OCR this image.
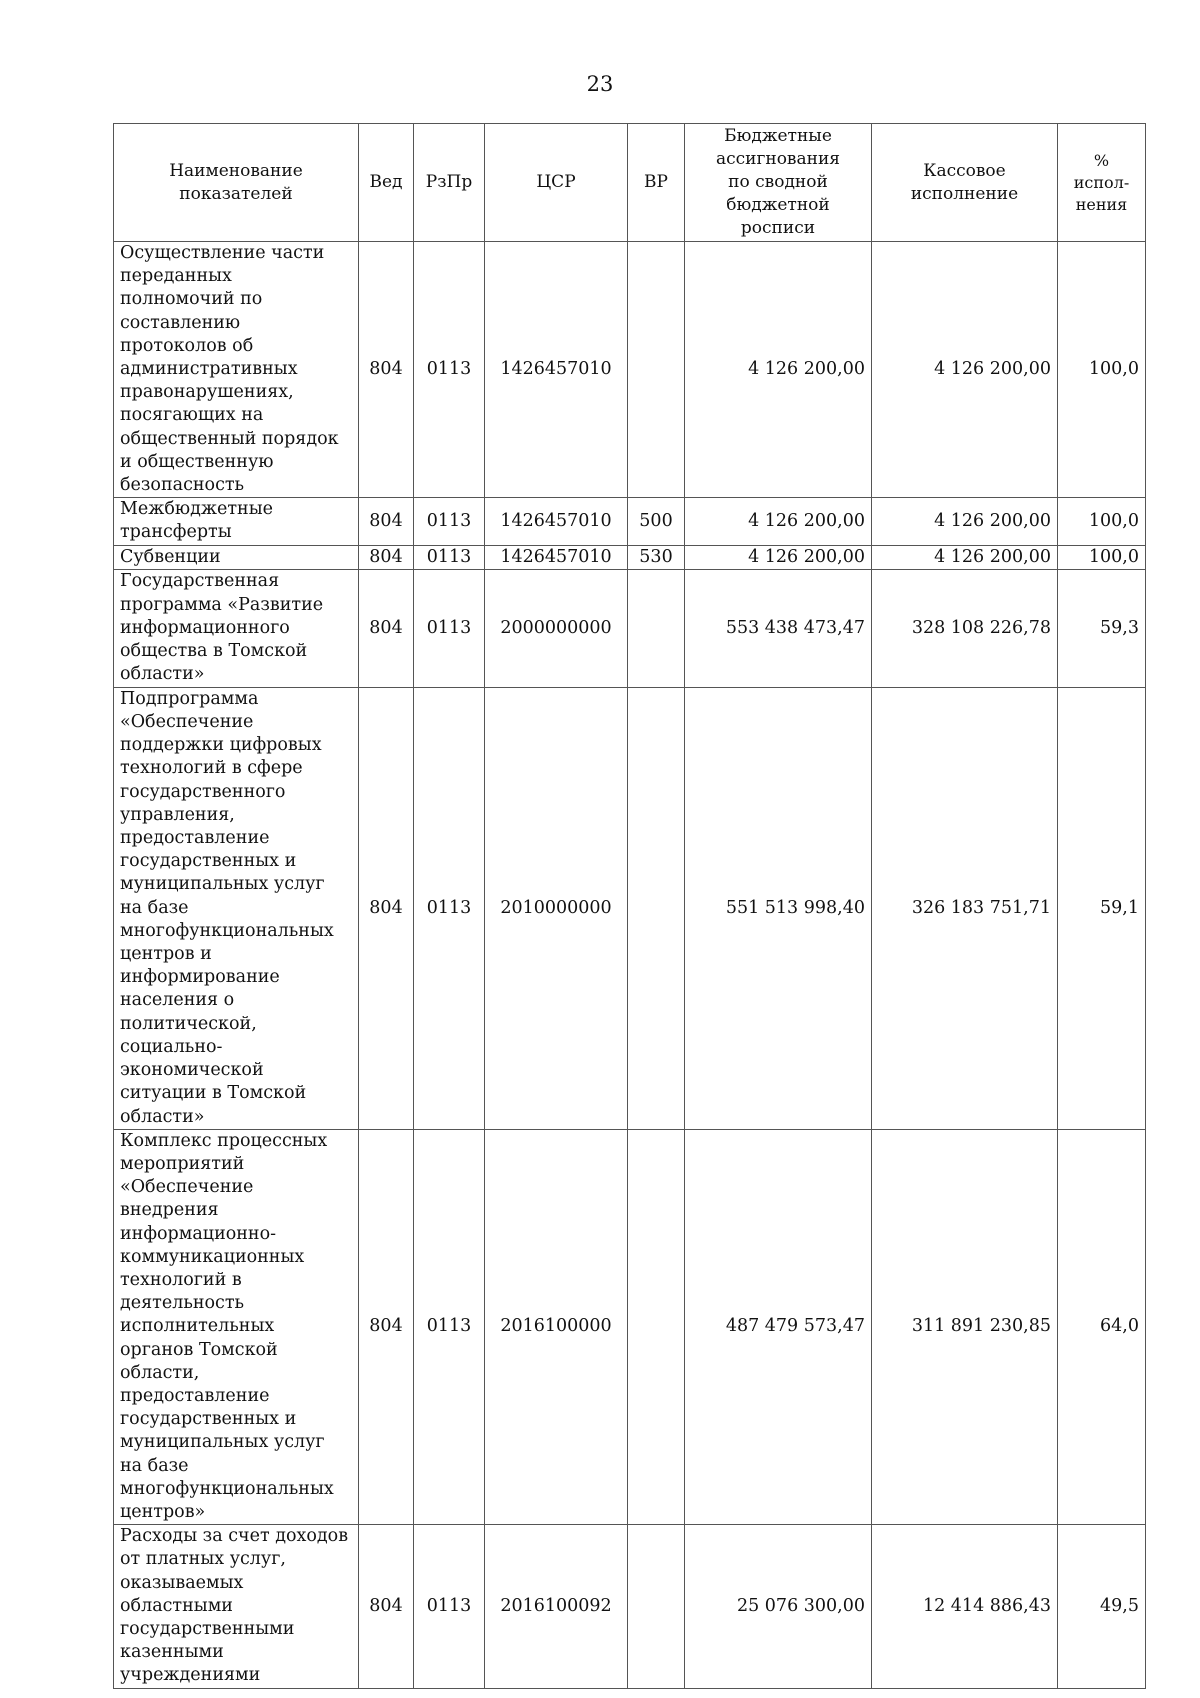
23
Наименование показателей	Вед	РзПр	ЦСР	ВР	Бюджетные ассигнования по сводной бюджетной росписи	Кассовое исполнение	% испол-нения
Осуществление части переданных полномочий по составлению протоколов об административных правонарушениях, посягающих на общественный порядок и общественную безопасность	804	0113	1426457010		4 126 200,00	4 126 200,00	100,0
Межбюджетные трансферты	804	0113	1426457010	500	4 126 200,00	4 126 200,00	100,0
Субвенции	804	0113	1426457010	530	4 126 200,00	4 126 200,00	100,0
Государственная программа «Развитие информационного общества в Томской области»	804	0113	2000000000		553 438 473,47	328 108 226,78	59,3
Подпрограмма «Обеспечение поддержки цифровых технологий в сфере государственного управления, предоставление государственных и муниципальных услуг на базе многофункциональных центров и информирование населения о политической, социально-экономической ситуации в Томской области»	804	0113	2010000000		551 513 998,40	326 183 751,71	59,1
Комплекс процессных мероприятий «Обеспечение внедрения информационно-коммуникационных технологий в деятельность исполнительных органов Томской области, предоставление государственных и муниципальных услуг на базе многофункциональных центров»	804	0113	2016100000		487 479 573,47	311 891 230,85	64,0
Расходы за счет доходов от платных услуг, оказываемых областными государственными казенными учреждениями	804	0113	2016100092		25 076 300,00	12 414 886,43	49,5
